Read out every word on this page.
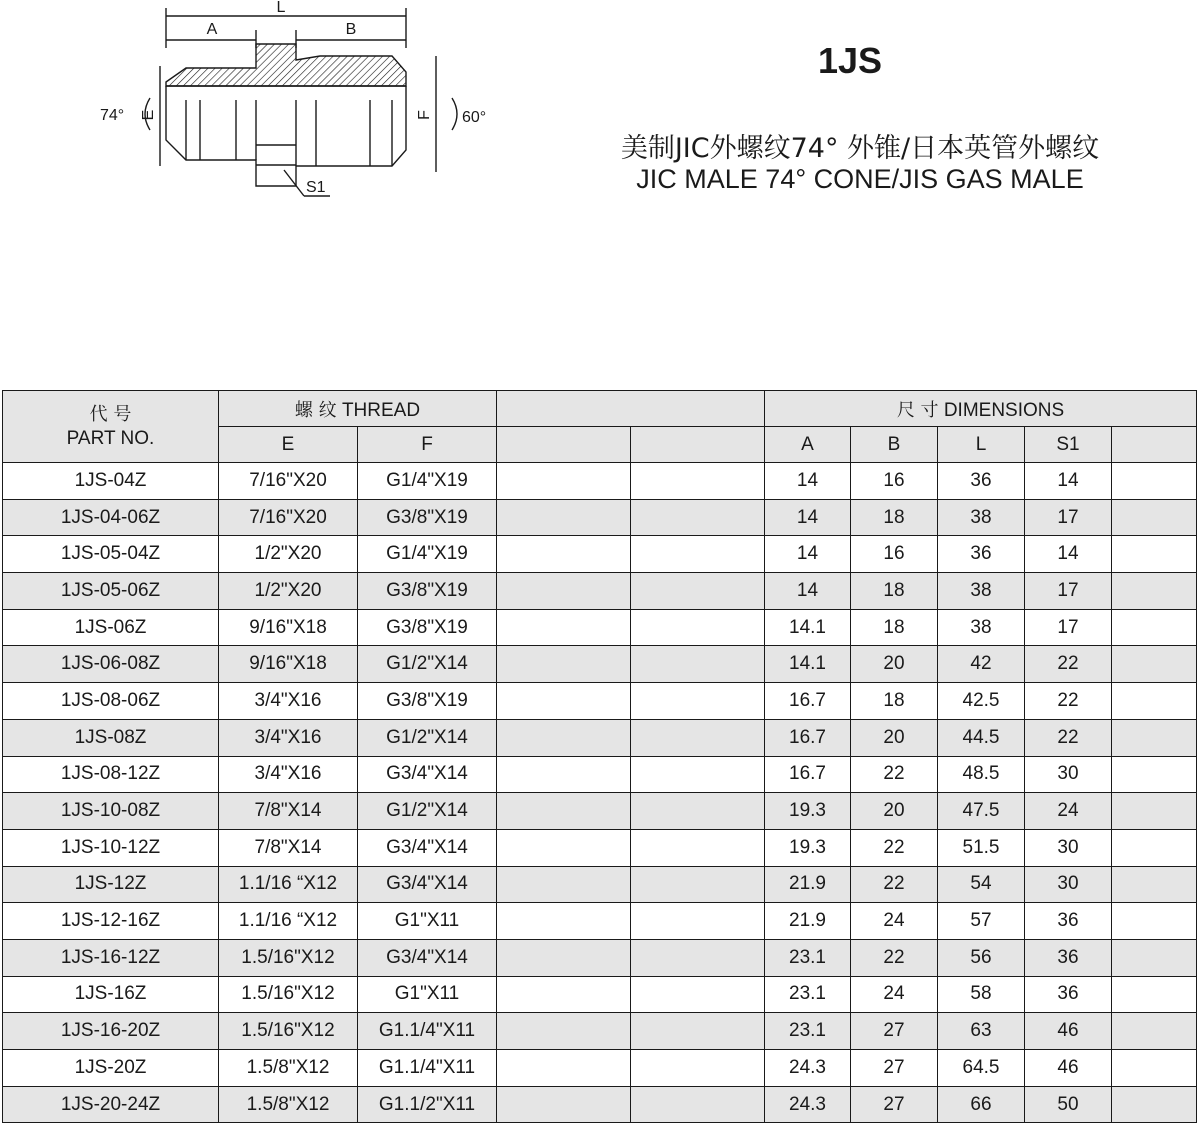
L
A	B
E	F
74°	60°
S1
1JS
美制JIC外螺纹74° 外锥/日本英管外螺纹
JIC MALE 74° CONE/JIS GAS MALE
代 号
PART NO.	螺 纹 THREAD				尺 寸 DIMENSIONS				
	E	F			A	B	L	S1	
1JS-04Z	7/16"X20	G1/4"X19			14	16	36	14	
1JS-04-06Z	7/16"X20	G3/8"X19			14	18	38	17	
1JS-05-04Z	1/2"X20	G1/4"X19			14	16	36	14	
1JS-05-06Z	1/2"X20	G3/8"X19			14	18	38	17	
1JS-06Z	9/16"X18	G3/8"X19			14.1	18	38	17	
1JS-06-08Z	9/16"X18	G1/2"X14			14.1	20	42	22	
1JS-08-06Z	3/4"X16	G3/8"X19			16.7	18	42.5	22	
1JS-08Z	3/4"X16	G1/2"X14			16.7	20	44.5	22	
1JS-08-12Z	3/4"X16	G3/4"X14			16.7	22	48.5	30	
1JS-10-08Z	7/8"X14	G1/2"X14			19.3	20	47.5	24	
1JS-10-12Z	7/8"X14	G3/4"X14			19.3	22	51.5	30	
1JS-12Z	1.1/16 “X12	G3/4"X14			21.9	22	54	30	
1JS-12-16Z	1.1/16 “X12	G1"X11			21.9	24	57	36	
1JS-16-12Z	1.5/16"X12	G3/4"X14			23.1	22	56	36	
1JS-16Z	1.5/16"X12	G1"X11			23.1	24	58	36	
1JS-16-20Z	1.5/16"X12	G1.1/4"X11			23.1	27	63	46	
1JS-20Z	1.5/8"X12	G1.1/4"X11			24.3	27	64.5	46	
1JS-20-24Z	1.5/8"X12	G1.1/2"X11			24.3	27	66	50	
